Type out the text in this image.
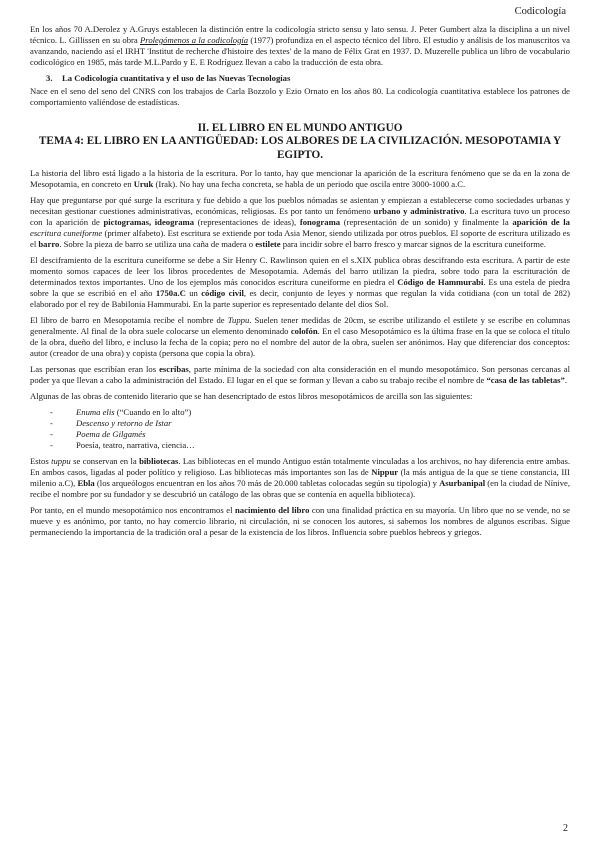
Codicología

En los años 70 A.Derolez y A.Gruys establecen la distinción entre la codicología stricto sensu y lato sensu. J. Peter Gumbert alza la disciplina a un nivel técnico. L. Gillissen en su obra Prolegómenos a la codicología (1977) profundiza en el aspecto técnico del libro. El estudio y análisis de los manuscritos va avanzando, naciendo así el IRHT 'Institut de recherche d'histoire des textes' de la mano de Félix Grat en 1937. D. Muzerelle publica un libro de vocabulario codicológico en 1985, más tarde M.L.Pardo y E. E Rodríguez llevan a cabo la traducción de esta obra.

3. La Codicología cuantitativa y el uso de las Nuevas Tecnologías

Nace en el seno del seno del CNRS con los trabajos de Carla Bozzolo y Ezio Ornato en los años 80. La codicología cuantitativa establece los patrones de comportamiento valiéndose de estadísticas.

II. EL LIBRO EN EL MUNDO ANTIGUO

TEMA 4: EL LIBRO EN LA ANTIGÜEDAD: LOS ALBORES DE LA CIVILIZACIÓN. MESOPOTAMIA Y EGIPTO.

La historia del libro está ligado a la historia de la escritura. Por lo tanto, hay que mencionar la aparición de la escritura fenómeno que se da en la zona de Mesopotamia, en concreto en Uruk (Irak). No hay una fecha concreta, se habla de un periodo que oscila entre 3000-1000 a.C.

Hay que preguntarse por qué surge la escritura y fue debido a que los pueblos nómadas se asientan y empiezan a establecerse como sociedades urbanas y necesitan gestionar cuestiones administrativas, económicas, religiosas. Es por tanto un fenómeno urbano y administrativo. La escritura tuvo un proceso con la aparición de pictogramas, ideograma (representaciones de ideas), fonograma (representación de un sonido) y finalmente la aparición de la escritura cuneiforme (primer alfabeto). Est escritura se extiende por toda Asia Menor, siendo utilizada por otros pueblos. El soporte de escritura utilizado es el barro. Sobre la pieza de barro se utiliza una caña de madera o estilete para incidir sobre el barro fresco y marcar signos de la escritura cuneiforme.

El desciframiento de la escritura cuneiforme se debe a Sir Henry C. Rawlinson quien en el s.XIX publica obras descifrando esta escritura. A partir de este momento somos capaces de leer los libros procedentes de Mesopotamia. Además del barro utilizan la piedra, sobre todo para la escrituración de determinados textos importantes. Uno de los ejemplos más conocidos escritura cuneiforme en piedra el Código de Hammurabi. Es una estela de piedra sobre la que se escribió en el año 1750a.C un código civil, es decir, conjunto de leyes y normas que regulan la vida cotidiana (con un total de 282) elaborado por el rey de Babilonia Hammurabi. En la parte superior es representado delante del dios Sol.

El libro de barro en Mesopotamia recibe el nombre de Tuppu. Suelen tener medidas de 20cm, se escribe utilizando el estilete y se escribe en columnas generalmente. Al final de la obra suele colocarse un elemento denominado colofón. En el caso Mesopotámico es la última frase en la que se coloca el título de la obra, dueño del libro, e incluso la fecha de la copia; pero no el nombre del autor de la obra, suelen ser anónimos. Hay que diferenciar dos conceptos: autor (creador de una obra) y copista (persona que copia la obra).

Las personas que escribían eran los escribas, parte mínima de la sociedad con alta consideración en el mundo mesopotámico. Son personas cercanas al poder ya que llevan a cabo la administración del Estado. El lugar en el que se forman y llevan a cabo su trabajo recibe el nombre de “casa de las tabletas”.

Algunas de las obras de contenido literario que se han desencriptado de estos libros mesopotámicos de arcilla son las siguientes:

-	Enuma elis (“Cuando en lo alto”)
-	Descenso y retorno de Istar
-	Poema de Gilgamés
-	Poesía, teatro, narrativa, ciencia…

Estos tuppu se conservan en la bibliotecas. Las bibliotecas en el mundo Antiguo están totalmente vinculadas a los archivos, no hay diferencia entre ambas. En ambos casos, ligadas al poder político y religioso. Las bibliotecas más importantes son las de Nippur (la más antigua de la que se tiene constancia, III milenio a.C), Ebla (los arqueólogos encuentran en los años 70 más de 20.000 tabletas colocadas según su tipología) y Asurbanipal (en la ciudad de Nínive, recibe el nombre por su fundador y se descubrió un catálogo de las obras que se contenía en aquella biblioteca).

Por tanto, en el mundo mesopotámico nos encontramos el nacimiento del libro con una finalidad práctica en su mayoría. Un libro que no se vende, no se mueve y es anónimo, por tanto, no hay comercio librario, ni circulación, ni se conocen los autores, si sabemos los nombres de algunos escribas. Sigue permaneciendo la importancia de la tradición oral a pesar de la existencia de los libros. Influencia sobre pueblos hebreos y griegos.

2
